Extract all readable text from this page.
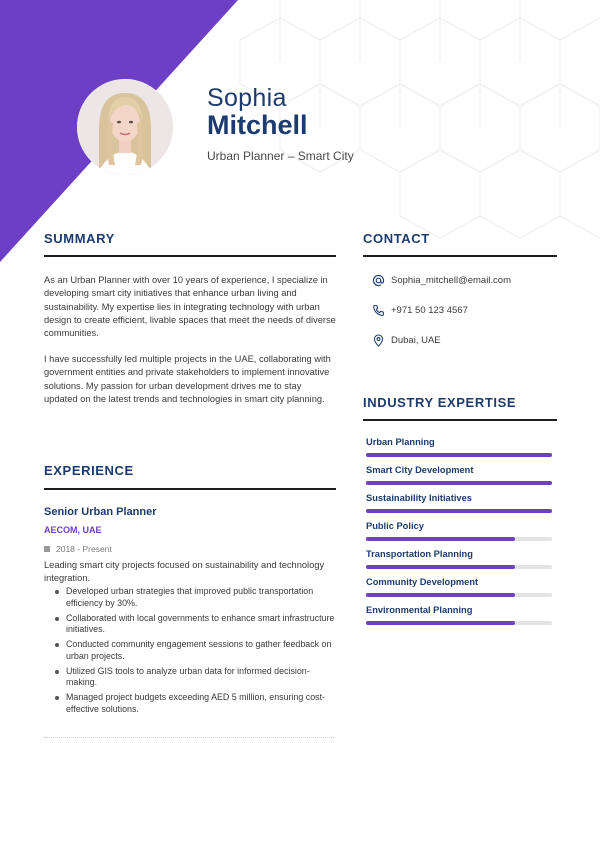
Sophia
Mitchell
Urban Planner – Smart City
SUMMARY

As an Urban Planner with over 10 years of experience, I specialize in developing smart city initiatives that enhance urban living and sustainability. My expertise lies in integrating technology with urban design to create efficient, livable spaces that meet the needs of diverse communities.

I have successfully led multiple projects in the UAE, collaborating with government entities and private stakeholders to implement innovative solutions. My passion for urban development drives me to stay updated on the latest trends and technologies in smart city planning.

CONTACT
Sophia_mitchell@email.com
+971 50 123 4567
Dubai, UAE
INDUSTRY EXPERTISE
Urban Planning
Smart City Development
Sustainability Initiatives
Public Policy
Transportation Planning
Community Development
Environmental Planning
EXPERIENCE
Senior Urban Planner
AECOM, UAE
2018 - Present

Leading smart city projects focused on sustainability and technology integration.

Developed urban strategies that improved public transportation efficiency by 30%.
Collaborated with local governments to enhance smart infrastructure initiatives.
Conducted community engagement sessions to gather feedback on urban projects.
Utilized GIS tools to analyze urban data for informed decision-making.
Managed project budgets exceeding AED 5 million, ensuring cost-effective solutions.
